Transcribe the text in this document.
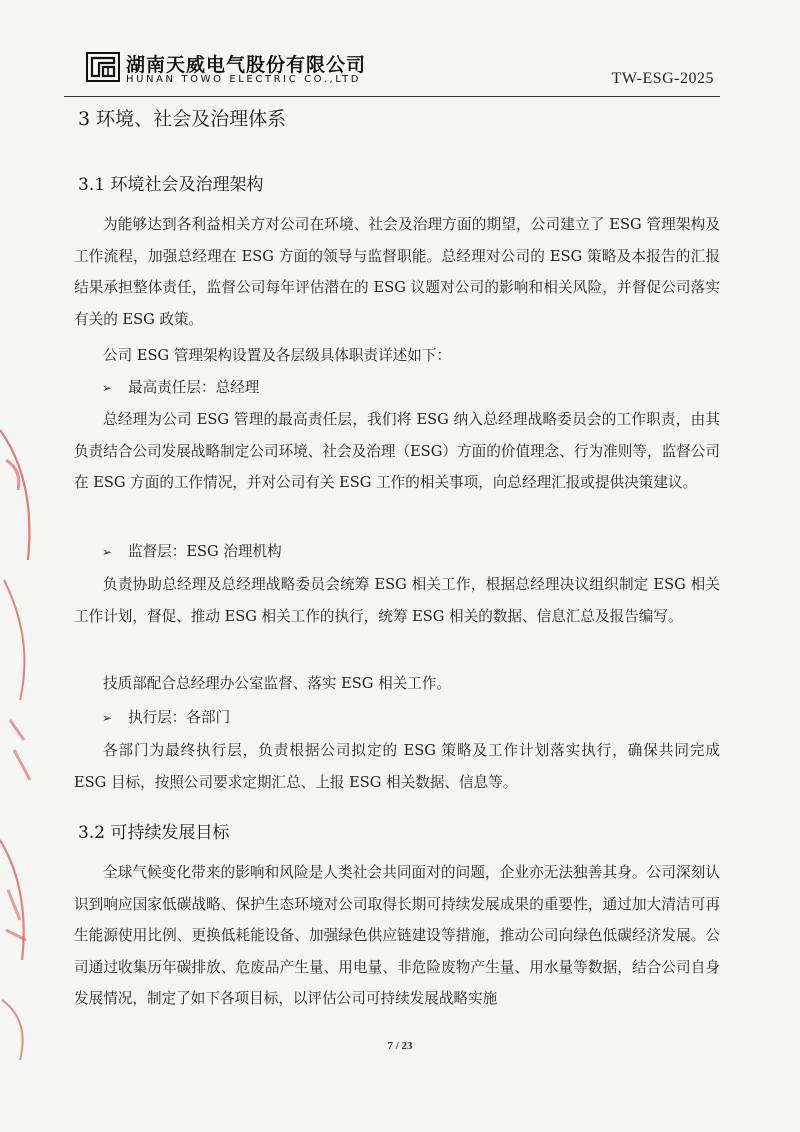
湖南天威电气股份有限公司
HUNAN TOWO ELECTRIC CO.,LTD	TW-ESG-2025
3 环境、社会及治理体系
3.1 环境社会及治理架构
为能够达到各利益相关方对公司在环境、社会及治理方面的期望，公司建立了 ESG 管理架构及工作流程，加强总经理在 ESG 方面的领导与监督职能。总经理对公司的 ESG 策略及本报告的汇报结果承担整体责任，监督公司每年评估潜在的 ESG 议题对公司的影响和相关风险，并督促公司落实有关的 ESG 政策。
公司 ESG 管理架构设置及各层级具体职责详述如下：
➢ 最高责任层：总经理
总经理为公司 ESG 管理的最高责任层，我们将 ESG 纳入总经理战略委员会的工作职责，由其负责结合公司发展战略制定公司环境、社会及治理（ESG）方面的价值理念、行为准则等，监督公司在 ESG 方面的工作情况，并对公司有关 ESG 工作的相关事项，向总经理汇报或提供决策建议。
➢ 监督层：ESG 治理机构
负责协助总经理及总经理战略委员会统筹 ESG 相关工作，根据总经理决议组织制定 ESG 相关工作计划，督促、推动 ESG 相关工作的执行，统筹 ESG 相关的数据、信息汇总及报告编写。
技质部配合总经理办公室监督、落实 ESG 相关工作。
➢ 执行层：各部门
各部门为最终执行层，负责根据公司拟定的 ESG 策略及工作计划落实执行，确保共同完成 ESG 目标，按照公司要求定期汇总、上报 ESG 相关数据、信息等。
3.2 可持续发展目标
全球气候变化带来的影响和风险是人类社会共同面对的问题，企业亦无法独善其身。公司深刻认识到响应国家低碳战略、保护生态环境对公司取得长期可持续发展成果的重要性，通过加大清洁可再生能源使用比例、更换低耗能设备、加强绿色供应链建设等措施，推动公司向绿色低碳经济发展。公司通过收集历年碳排放、危废品产生量、用电量、非危险废物产生量、用水量等数据，结合公司自身发展情况，制定了如下各项目标，以评估公司可持续发展战略实施
7 / 23
